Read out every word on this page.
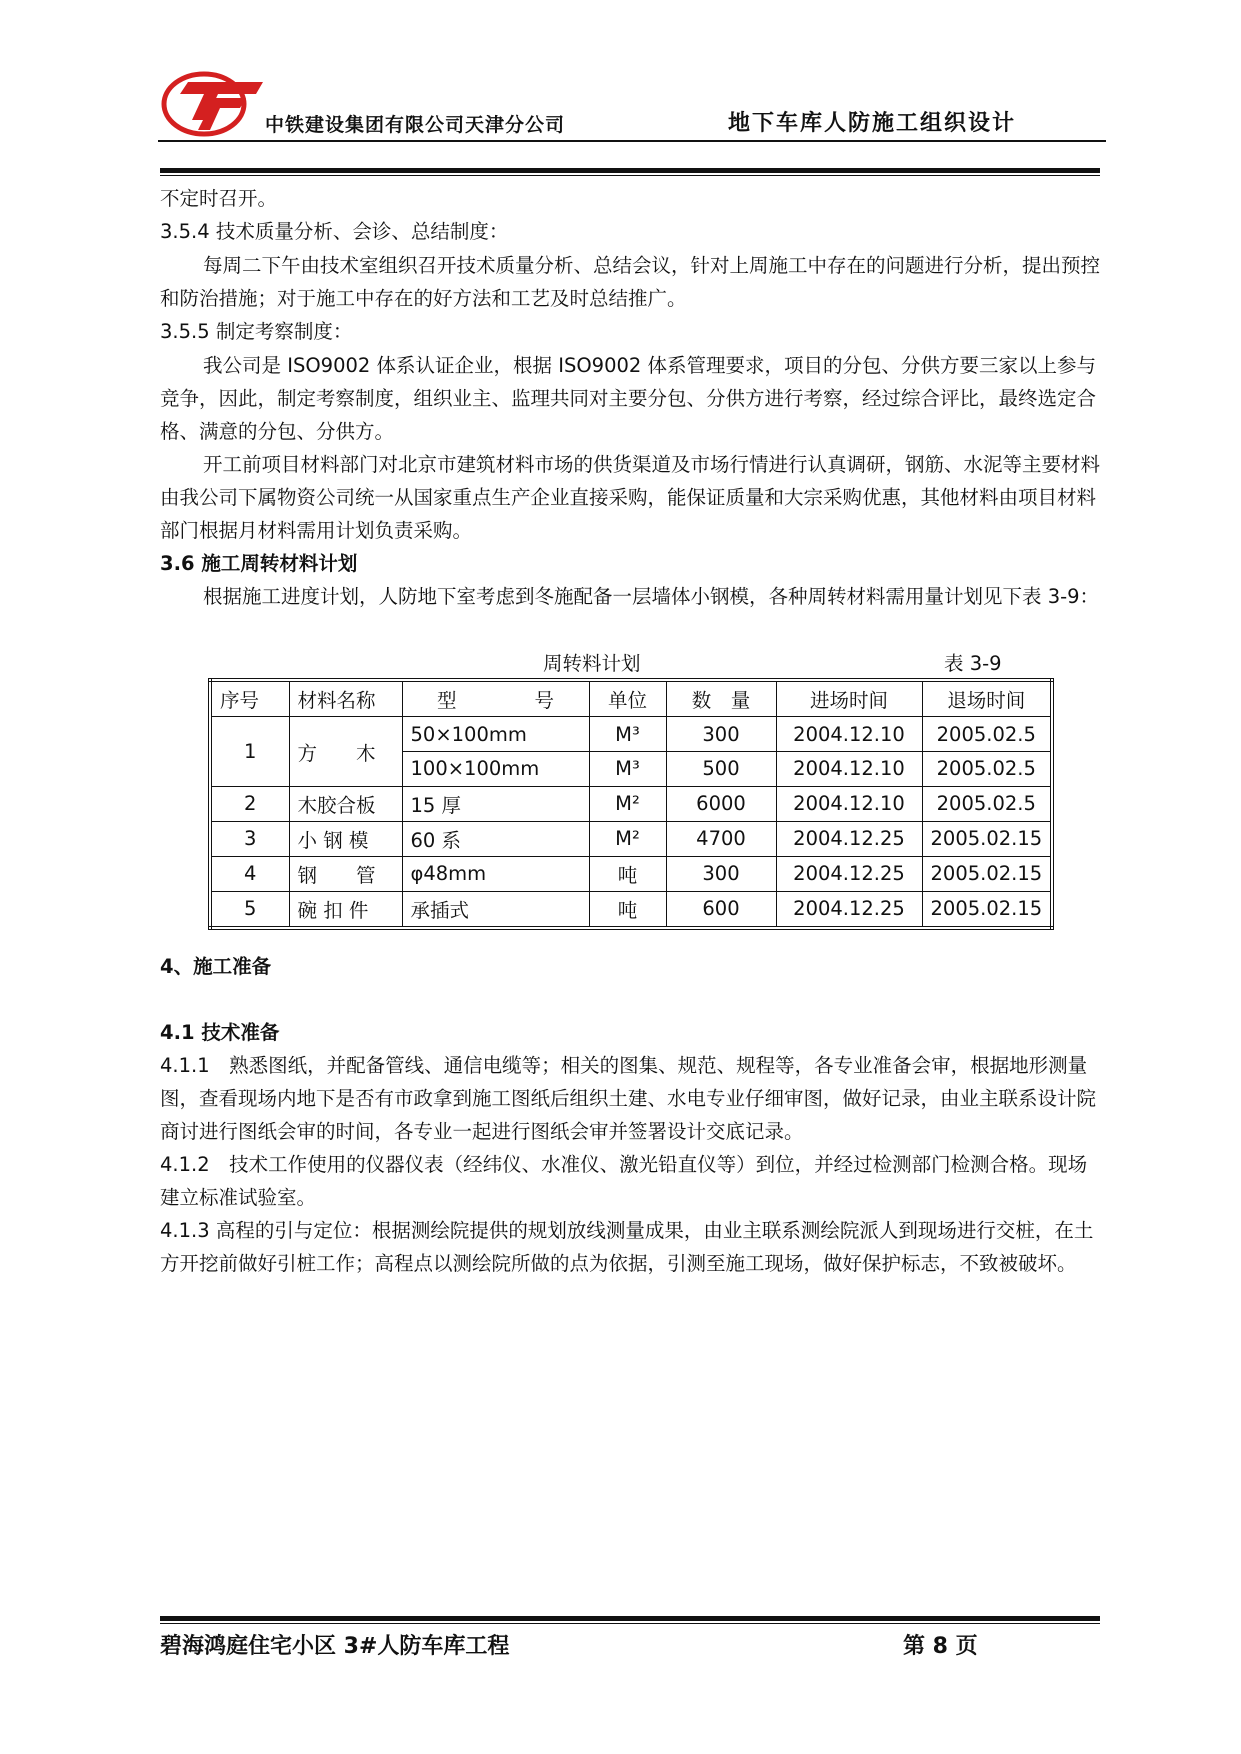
中铁建设集团有限公司天津分公司	地下车库人防施工组织设计
不定时召开。
3.5.4 技术质量分析、会诊、总结制度：
每周二下午由技术室组织召开技术质量分析、总结会议，针对上周施工中存在的问题进行分析，提出预控和防治措施；对于施工中存在的好方法和工艺及时总结推广。
3.5.5 制定考察制度：
我公司是 ISO9002 体系认证企业，根据 ISO9002 体系管理要求，项目的分包、分供方要三家以上参与竞争，因此，制定考察制度，组织业主、监理共同对主要分包、分供方进行考察，经过综合评比，最终选定合格、满意的分包、分供方。
开工前项目材料部门对北京市建筑材料市场的供货渠道及市场行情进行认真调研，钢筋、水泥等主要材料由我公司下属物资公司统一从国家重点生产企业直接采购，能保证质量和大宗采购优惠，其他材料由项目材料部门根据月材料需用计划负责采购。
3.6 施工周转材料计划
根据施工进度计划，人防地下室考虑到冬施配备一层墙体小钢模，各种周转材料需用量计划见下表 3-9：
周转料计划	表 3-9
序号	材料名称	型　　　　号	单位	数　量	进场时间	退场时间
1	方　　木	50×100mm	M³	300	2004.12.10	2005.02.5
		100×100mm	M³	500	2004.12.10	2005.02.5
2	木胶合板	15 厚	M²	6000	2004.12.10	2005.02.5
3	小 钢 模	60 系	M²	4700	2004.12.25	2005.02.15
4	钢　　管	φ48mm	吨	300	2004.12.25	2005.02.15
5	碗 扣 件	承插式	吨	600	2004.12.25	2005.02.15
4、施工准备
4.1 技术准备
4.1.1　熟悉图纸，并配备管线、通信电缆等；相关的图集、规范、规程等，各专业准备会审，根据地形测量图，查看现场内地下是否有市政拿到施工图纸后组织土建、水电专业仔细审图，做好记录，由业主联系设计院商讨进行图纸会审的时间，各专业一起进行图纸会审并签署设计交底记录。
4.1.2　技术工作使用的仪器仪表（经纬仪、水准仪、激光铅直仪等）到位，并经过检测部门检测合格。现场建立标准试验室。
4.1.3 高程的引与定位：根据测绘院提供的规划放线测量成果，由业主联系测绘院派人到现场进行交桩，在土方开挖前做好引桩工作；高程点以测绘院所做的点为依据，引测至施工现场，做好保护标志，不致被破坏。
碧海鸿庭住宅小区 3#人防车库工程	第 8 页
